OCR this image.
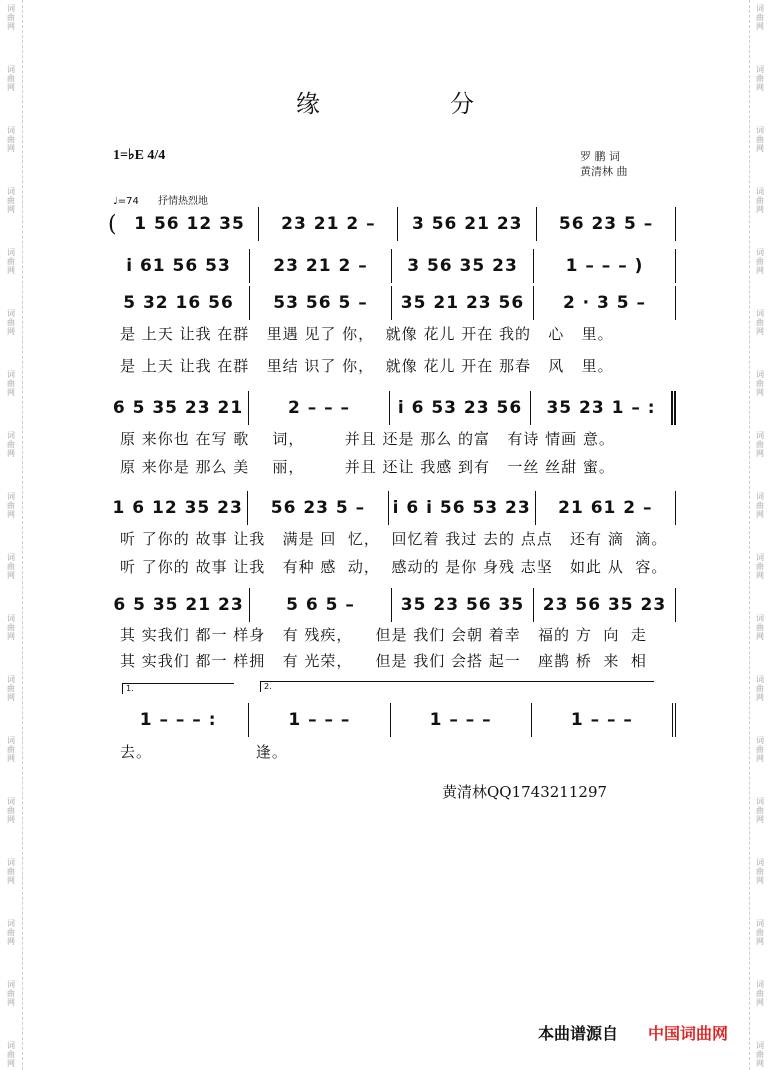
词
曲
网
词
曲
网
词
曲
网
词
曲
网
词
曲
网
词
曲
网
词
曲
网
词
曲
网
词
曲
网
词
曲
网
词
曲
网
词
曲
网
词
曲
网
词
曲
网
词
曲
网
词
曲
网
词
曲
网
词
曲
网
词
曲
网
词
曲
网
词
曲
网
词
曲
网
词
曲
网
词
曲
网
词
曲
网
词
曲
网
词
曲
网
词
曲
网
词
曲
网
词
曲
网
词
曲
网
词
曲
网
词
曲
网
词
曲
网
词
曲
网
词
曲
网
缘	分
1=♭E 4/4	罗 鹏 词
黄清林 曲
♩=74 抒情热烈地
( 1 56 12 35 23 21 2 – 3 56 21 23 56 23 5 –
i 61 56 53	23 21 2 – 3 56 35 23	1 – – – )
5 32 16 56 53 56 5 – 35 21 23 56 2 · 3 5 –
6 5 35 23 21	2 – – –	i 6 53 23 56 35 23 1 – :
1 6 12 35 23 56 23 5 – i 6 i 56 53 23 21 61 2 –
6 5 35 21 23 5 6 5 –	35 23 56 35 23 56 35 23
1 – – – :	1 – – –	1 – – –	1 – – –
是 上天 让我 在群   里遇 见了 你，  就像 花儿 开在 我的   心   里。
是 上天 让我 在群   里结 识了 你，  就像 花儿 开在 那春   风   里。
原 来你也 在写 歌    词，       并且 还是 那么 的富   有诗 情画 意。
原 来你是 那么 美    丽，       并且 还让 我感 到有   一丝 丝甜 蜜。
听 了你的 故事 让我   满是 回  忆，  回忆着 我过 去的 点点   还有 滴  滴。
听 了你的 故事 让我   有种 感  动，  感动的 是你 身残 志坚   如此 从  容。
其 实我们 都一 样身   有 残疾，    但是 我们 会朝 着幸   福的 方  向  走
其 实我们 都一 样拥   有 光荣，    但是 我们 会搭 起一   座鹊 桥  来  相
去。                  逢。
1.	2.
黄清林QQ1743211297
本曲谱源自 中国词曲网
